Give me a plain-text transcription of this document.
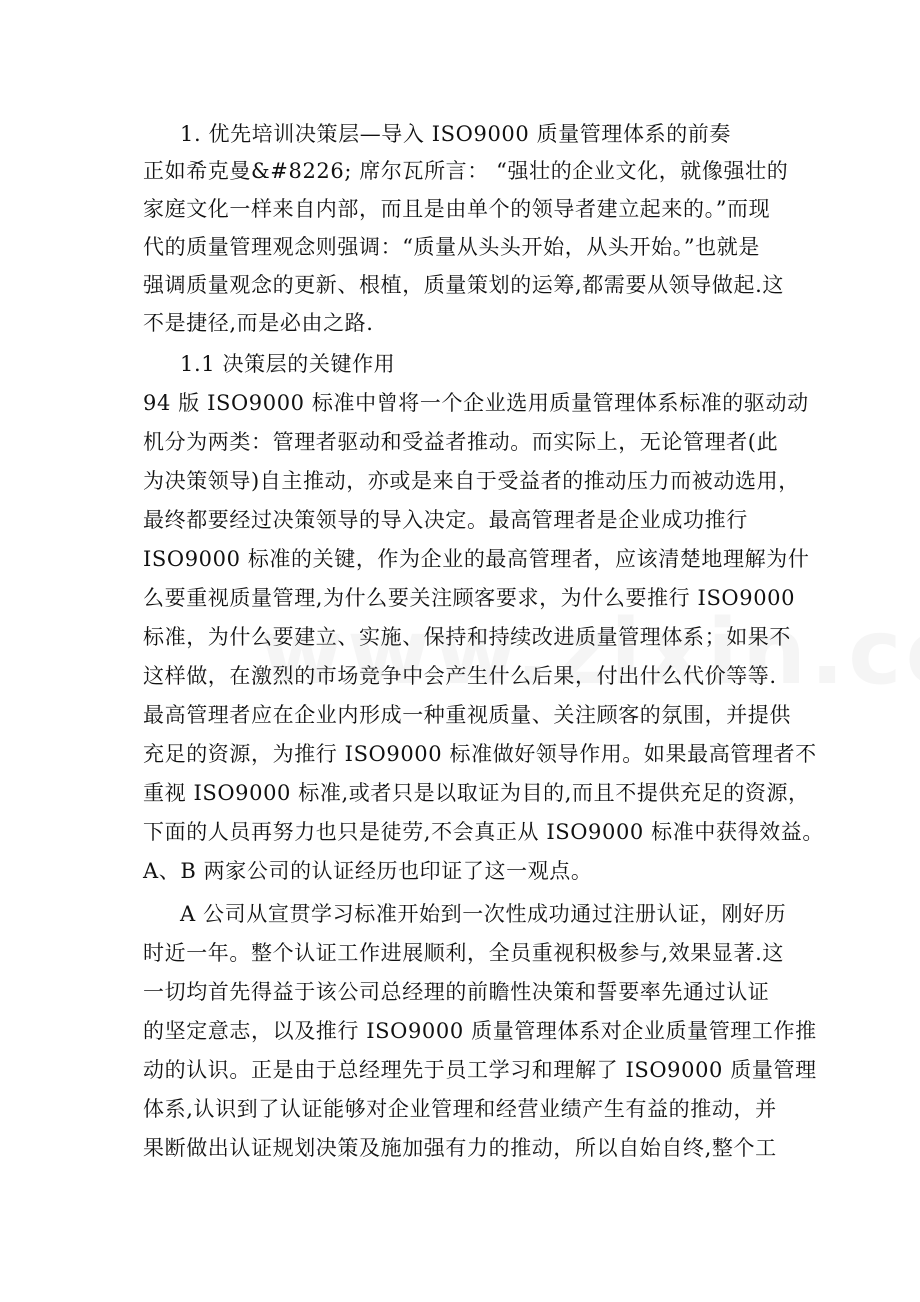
1. 优先培训决策层—导入 ISO9000 质量管理体系的前奏
正如希克曼&#8226; 席尔瓦所言： “强壮的企业文化，就像强壮的
家庭文化一样来自内部，而且是由单个的领导者建立起来的。”而现
代的质量管理观念则强调：“质量从头头开始，从头开始。”也就是
强调质量观念的更新、根植，质量策划的运筹,都需要从领导做起.这
不是捷径,而是必由之路.
1.1 决策层的关键作用
94 版 ISO9000 标准中曾将一个企业选用质量管理体系标准的驱动动
机分为两类：管理者驱动和受益者推动。而实际上，无论管理者(此
为决策领导)自主推动，亦或是来自于受益者的推动压力而被动选用，
最终都要经过决策领导的导入决定。最高管理者是企业成功推行
ISO9000 标准的关键，作为企业的最高管理者，应该清楚地理解为什
么要重视质量管理,为什么要关注顾客要求，为什么要推行 ISO9000
标准，为什么要建立、实施、保持和持续改进质量管理体系；如果不
这样做，在激烈的市场竞争中会产生什么后果，付出什么代价等等.
最高管理者应在企业内形成一种重视质量、关注顾客的氛围，并提供
充足的资源，为推行 ISO9000 标准做好领导作用。如果最高管理者不
重视 ISO9000 标准,或者只是以取证为目的,而且不提供充足的资源，
下面的人员再努力也只是徒劳,不会真正从 ISO9000 标准中获得效益。
A、B 两家公司的认证经历也印证了这一观点。
A 公司从宣贯学习标准开始到一次性成功通过注册认证，刚好历
时近一年。整个认证工作进展顺利，全员重视积极参与,效果显著.这
一切均首先得益于该公司总经理的前瞻性决策和誓要率先通过认证
的坚定意志，以及推行 ISO9000 质量管理体系对企业质量管理工作推
动的认识。正是由于总经理先于员工学习和理解了 ISO9000 质量管理
体系,认识到了认证能够对企业管理和经营业绩产生有益的推动，并
果断做出认证规划决策及施加强有力的推动，所以自始自终,整个工
